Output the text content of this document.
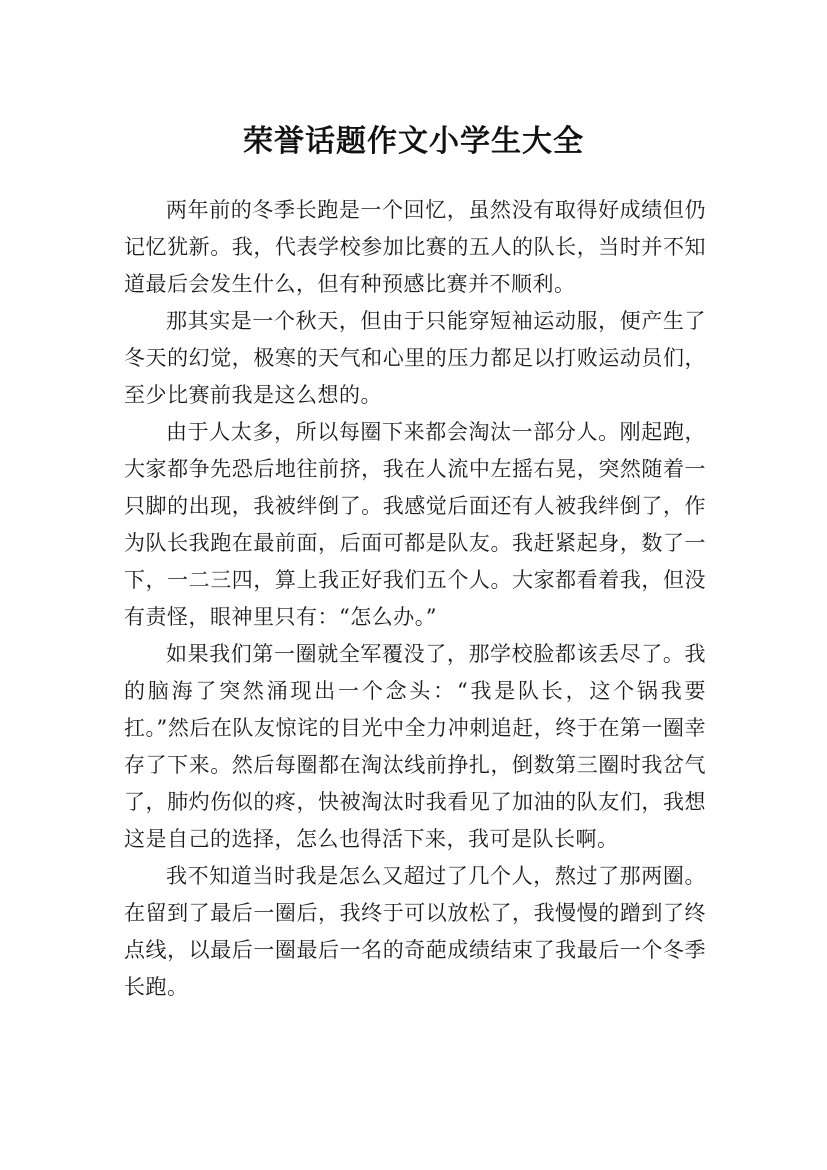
荣誉话题作文小学生大全

两年前的冬季长跑是一个回忆，虽然没有取得好成绩但仍记忆犹新。我，代表学校参加比赛的五人的队长，当时并不知道最后会发生什么，但有种预感比赛并不顺利。

那其实是一个秋天，但由于只能穿短袖运动服，便产生了冬天的幻觉，极寒的天气和心里的压力都足以打败运动员们，至少比赛前我是这么想的。

由于人太多，所以每圈下来都会淘汰一部分人。刚起跑，大家都争先恐后地往前挤，我在人流中左摇右晃，突然随着一只脚的出现，我被绊倒了。我感觉后面还有人被我绊倒了，作为队长我跑在最前面，后面可都是队友。我赶紧起身，数了一下，一二三四，算上我正好我们五个人。大家都看着我，但没有责怪，眼神里只有：“怎么办。”

如果我们第一圈就全军覆没了，那学校脸都该丢尽了。我的脑海了突然涌现出一个念头：“我是队长，这个锅我要扛。”然后在队友惊诧的目光中全力冲刺追赶，终于在第一圈幸存了下来。然后每圈都在淘汰线前挣扎，倒数第三圈时我岔气了，肺灼伤似的疼，快被淘汰时我看见了加油的队友们，我想这是自己的选择，怎么也得活下来，我可是队长啊。

我不知道当时我是怎么又超过了几个人，熬过了那两圈。在留到了最后一圈后，我终于可以放松了，我慢慢的蹭到了终点线，以最后一圈最后一名的奇葩成绩结束了我最后一个冬季长跑。
